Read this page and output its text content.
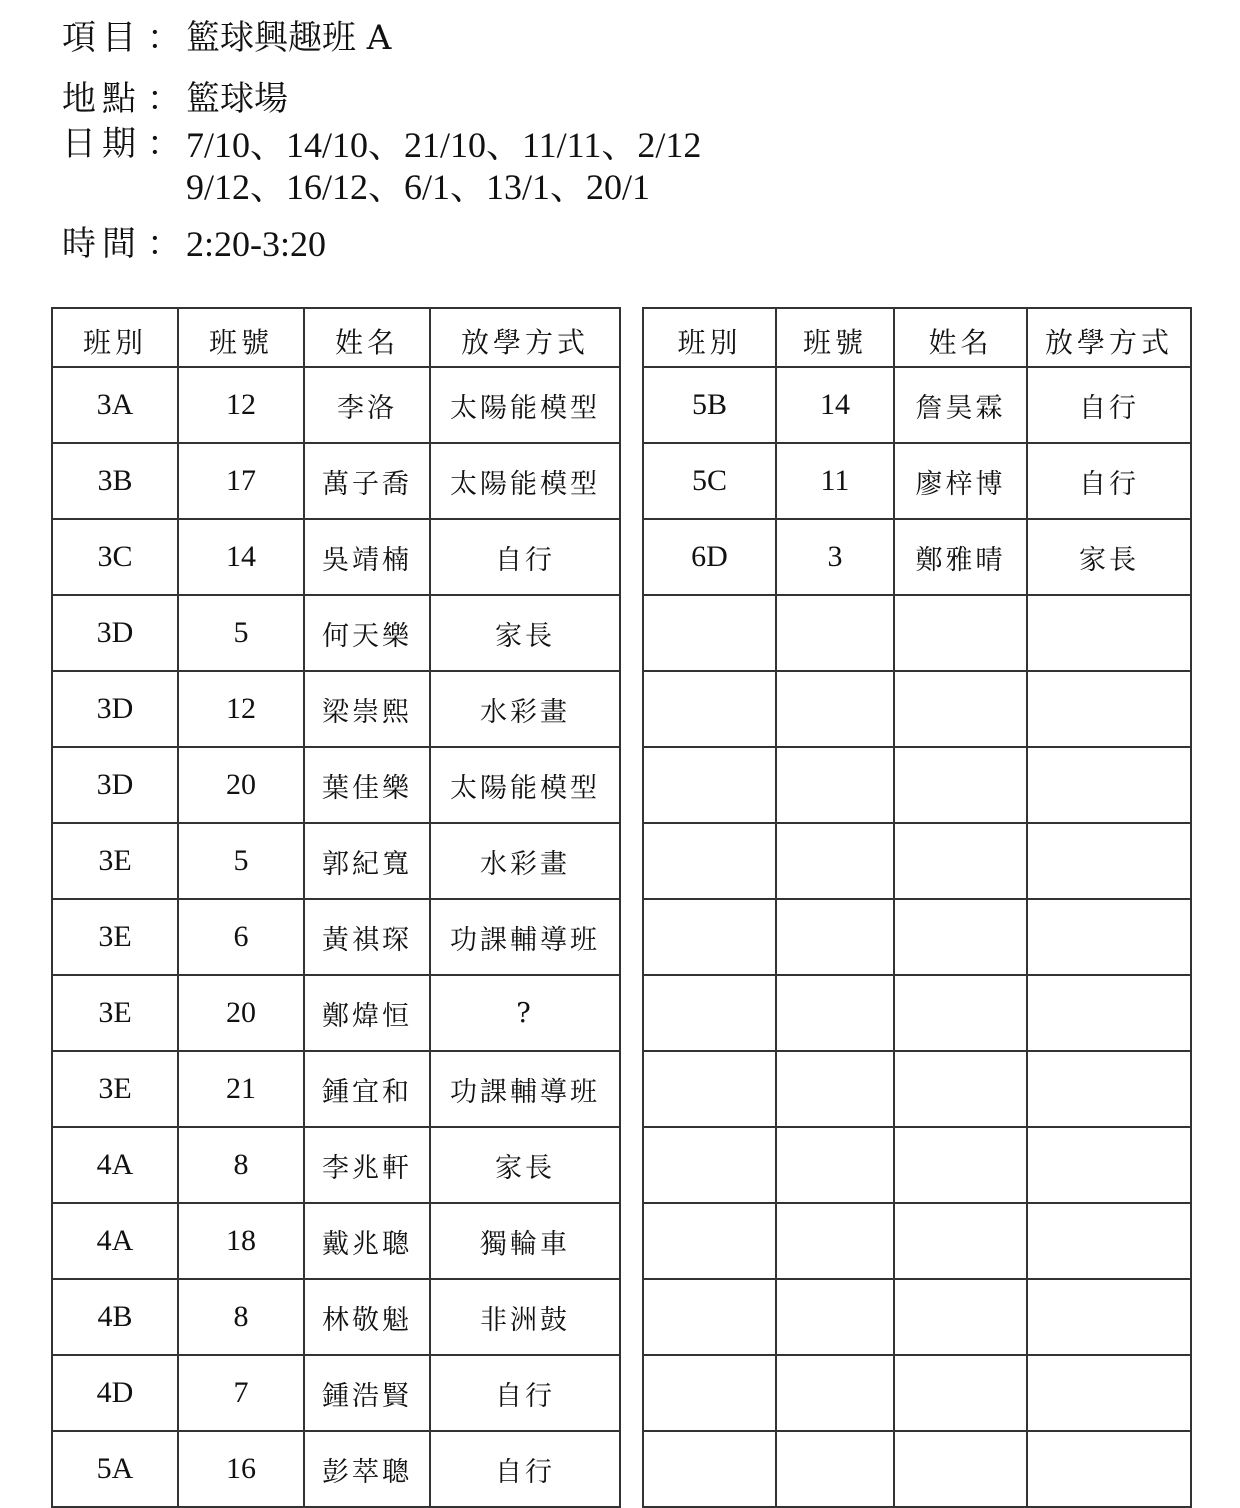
項目 ： 籃球興趣班 A
地點 ： 籃球場
日期 ： 7/10、14/10、21/10、11/11、2/12
9/12、16/12、6/1、13/1、20/1
時間 ： 2:20-3:20
班別	班號	姓名	放學方式
3A	12	李洛	太陽能模型
3B	17	萬子喬	太陽能模型
3C	14	吳靖楠	自行
3D	5	何天樂	家長
3D	12	梁崇熙	水彩畫
3D	20	葉佳樂	太陽能模型
3E	5	郭紀寬	水彩畫
3E	6	黃祺琛	功課輔導班
3E	20	鄭煒恒	?
3E	21	鍾宜和	功課輔導班
4A	8	李兆軒	家長
4A	18	戴兆聰	獨輪車
4B	8	林敬魁	非洲鼓
4D	7	鍾浩賢	自行
5A	16	彭萃聰	自行
班別	班號	姓名	放學方式
5B	14	詹昊霖	自行
5C	11	廖梓博	自行
6D	3	鄭雅晴	家長
